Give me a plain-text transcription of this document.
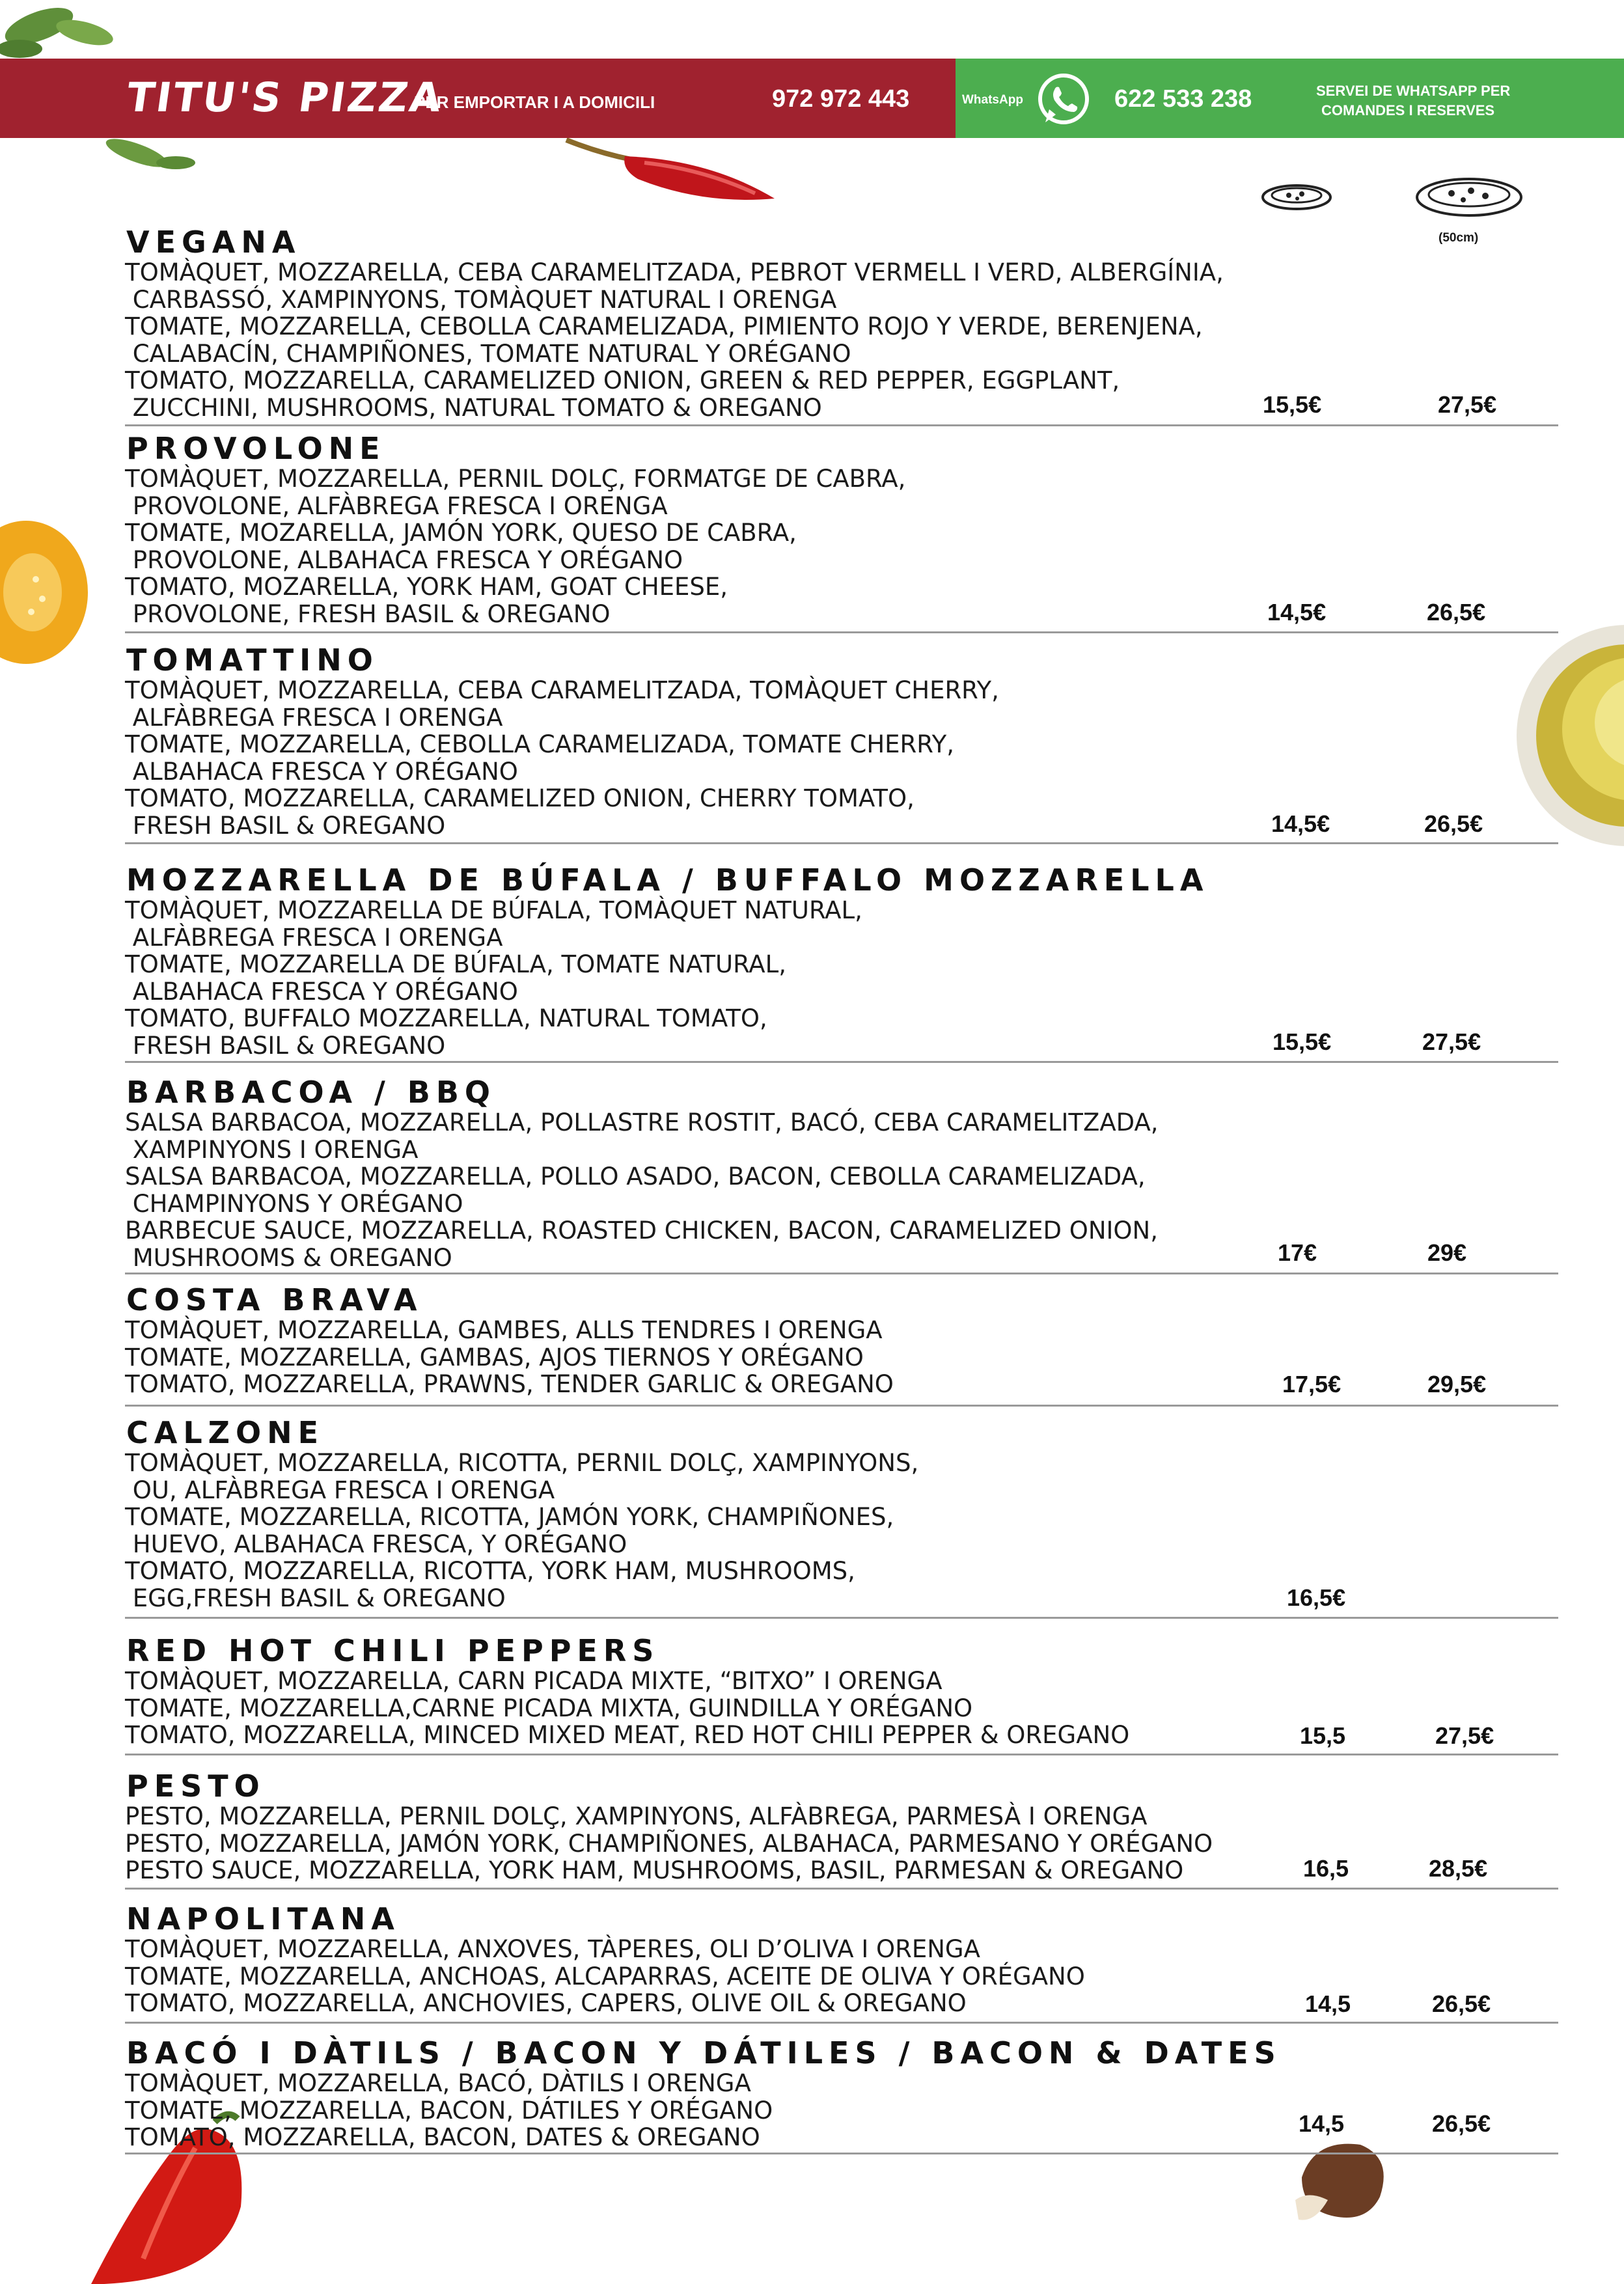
TITU'S PIZZA
PER EMPORTAR I A DOMICILI	972 972 443	WhatsApp	622 533 238	SERVEI DE WHATSAPP PER
COMANDES I RESERVES
(50cm)
VEGANA
TOMÀQUET, MOZZARELLA, CEBA CARAMELITZADA, PEBROT VERMELL I VERD, ALBERGÍNIA,
CARBASSÓ, XAMPINYONS, TOMÀQUET NATURAL I ORENGA
TOMATE, MOZZARELLA, CEBOLLA CARAMELIZADA, PIMIENTO ROJO Y VERDE, BERENJENA,
CALABACÍN, CHAMPIÑONES, TOMATE NATURAL Y ORÉGANO
TOMATO, MOZZARELLA, CARAMELIZED ONION, GREEN & RED PEPPER, EGGPLANT,
ZUCCHINI, MUSHROOMS, NATURAL TOMATO & OREGANO	15,5€	27,5€
PROVOLONE
TOMÀQUET, MOZZARELLA, PERNIL DOLÇ, FORMATGE DE CABRA,
PROVOLONE, ALFÀBREGA FRESCA I ORENGA
TOMATE, MOZARELLA, JAMÓN YORK, QUESO DE CABRA,
PROVOLONE, ALBAHACA FRESCA Y ORÉGANO
TOMATO, MOZARELLA, YORK HAM, GOAT CHEESE,
PROVOLONE, FRESH BASIL & OREGANO	14,5€	26,5€
TOMATTINO
TOMÀQUET, MOZZARELLA, CEBA CARAMELITZADA, TOMÀQUET CHERRY,
ALFÀBREGA FRESCA I ORENGA
TOMATE, MOZZARELLA, CEBOLLA CARAMELIZADA, TOMATE CHERRY,
ALBAHACA FRESCA Y ORÉGANO
TOMATO, MOZZARELLA, CARAMELIZED ONION, CHERRY TOMATO,
FRESH BASIL & OREGANO	14,5€	26,5€
MOZZARELLA DE BÚFALA / BUFFALO MOZZARELLA
TOMÀQUET, MOZZARELLA DE BÚFALA, TOMÀQUET NATURAL,
ALFÀBREGA FRESCA I ORENGA
TOMATE, MOZZARELLA DE BÚFALA, TOMATE NATURAL,
ALBAHACA FRESCA Y ORÉGANO
TOMATO, BUFFALO MOZZARELLA, NATURAL TOMATO,
FRESH BASIL & OREGANO	15,5€	27,5€
BARBACOA / BBQ
SALSA BARBACOA, MOZZARELLA, POLLASTRE ROSTIT, BACÓ, CEBA CARAMELITZADA,
XAMPINYONS I ORENGA
SALSA BARBACOA, MOZZARELLA, POLLO ASADO, BACON, CEBOLLA CARAMELIZADA,
CHAMPINYONS Y ORÉGANO
BARBECUE SAUCE, MOZZARELLA, ROASTED CHICKEN, BACON, CARAMELIZED ONION,
MUSHROOMS & OREGANO	17€	29€
COSTA BRAVA
TOMÀQUET, MOZZARELLA, GAMBES, ALLS TENDRES I ORENGA
TOMATE, MOZZARELLA, GAMBAS, AJOS TIERNOS Y ORÉGANO
TOMATO, MOZZARELLA, PRAWNS, TENDER GARLIC & OREGANO	17,5€	29,5€
CALZONE
TOMÀQUET, MOZZARELLA, RICOTTA, PERNIL DOLÇ, XAMPINYONS,
OU, ALFÀBREGA FRESCA I ORENGA
TOMATE, MOZZARELLA, RICOTTA, JAMÓN YORK, CHAMPIÑONES,
HUEVO, ALBAHACA FRESCA, Y ORÉGANO
TOMATO, MOZZARELLA, RICOTTA, YORK HAM, MUSHROOMS,
EGG,FRESH BASIL & OREGANO	16,5€
RED HOT CHILI PEPPERS
TOMÀQUET, MOZZARELLA, CARN PICADA MIXTE, “BITXO” I ORENGA
TOMATE, MOZZARELLA,CARNE PICADA MIXTA, GUINDILLA Y ORÉGANO
TOMATO, MOZZARELLA, MINCED MIXED MEAT, RED HOT CHILI PEPPER & OREGANO	15,5	27,5€
PESTO
PESTO, MOZZARELLA, PERNIL DOLÇ, XAMPINYONS, ALFÀBREGA, PARMESÀ I ORENGA
PESTO, MOZZARELLA, JAMÓN YORK, CHAMPIÑONES, ALBAHACA, PARMESANO Y ORÉGANO
PESTO SAUCE, MOZZARELLA, YORK HAM, MUSHROOMS, BASIL, PARMESAN & OREGANO	16,5	28,5€
NAPOLITANA
TOMÀQUET, MOZZARELLA, ANXOVES, TÀPERES, OLI D’OLIVA I ORENGA
TOMATE, MOZZARELLA, ANCHOAS, ALCAPARRAS, ACEITE DE OLIVA Y ORÉGANO
TOMATO, MOZZARELLA, ANCHOVIES, CAPERS, OLIVE OIL & OREGANO	14,5	26,5€
BACÓ I DÀTILS / BACON Y DÁTILES / BACON & DATES
TOMÀQUET, MOZZARELLA, BACÓ, DÀTILS I ORENGA
TOMATE, MOZZARELLA, BACON, DÁTILES Y ORÉGANO
TOMATO, MOZZARELLA, BACON, DATES & OREGANO	14,5	26,5€
